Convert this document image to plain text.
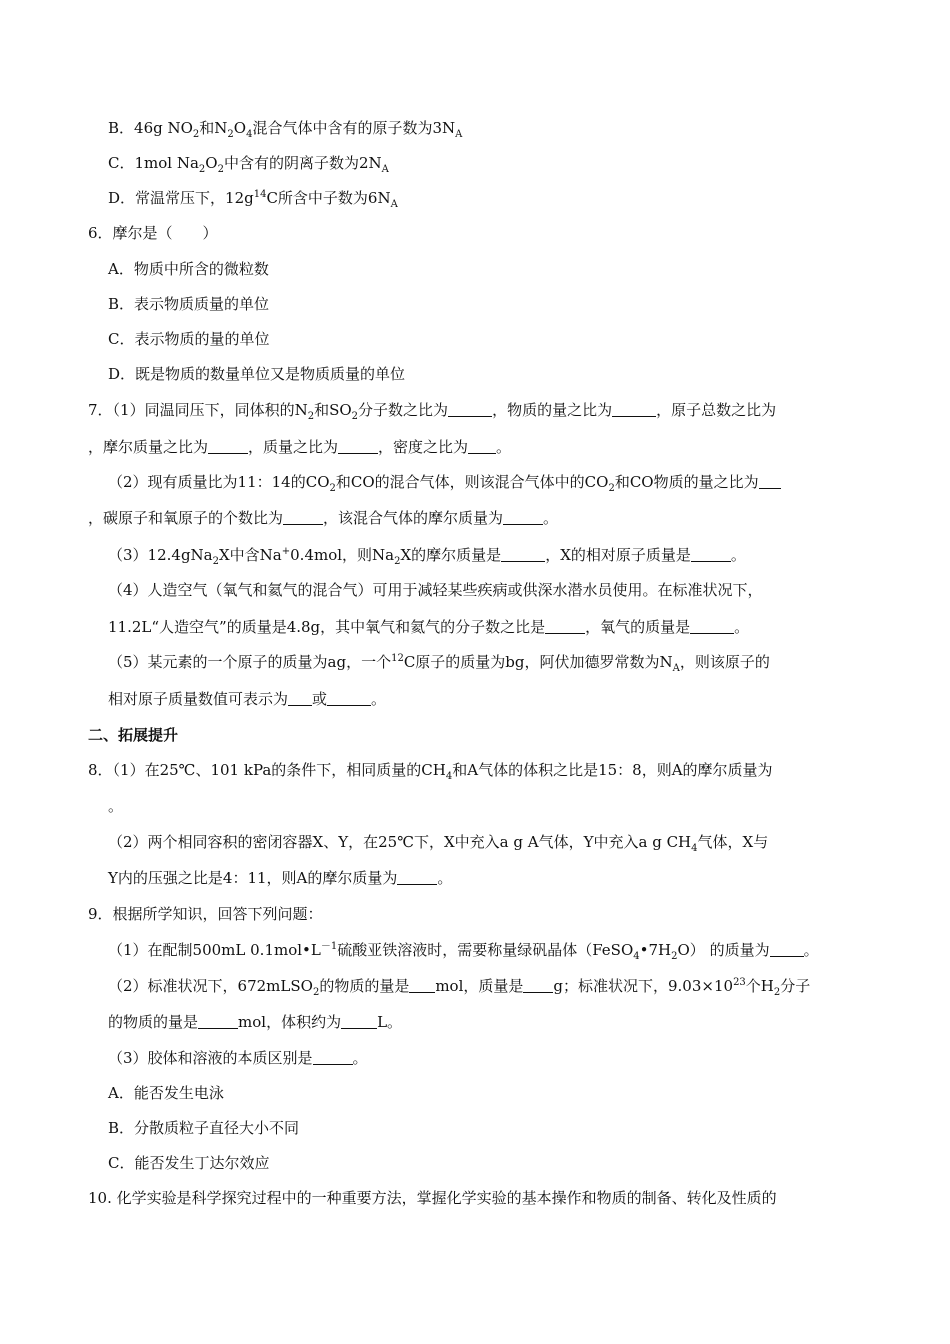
B．46g $NO_2$和$N_2O_4$混合气体中含有的原子数为$3N_A$
C．1mol $Na_2O_2$中含有的阴离子数为$2N_A$
D．常温常压下，$12g^{14}C$所含中子数为$6N_A$
6．摩尔是（　　）
A．物质中所含的微粒数
B．表示物质质量的单位
C．表示物质的量的单位
D．既是物质的数量单位又是物质质量的单位
7．（1）同温同压下，同体积的$N_2$和$SO_2$分子数之比为	，物质的量之比为	，原子总数之比为
，摩尔质量之比为	，质量之比为	，密度之比为 。
（2）现有质量比为11：14的$CO_2$和CO的混合气体，则该混合气体中的$CO_2$和CO物质的量之比为
，碳原子和氧原子的个数比为	，该混合气体的摩尔质量为	。
（3）12.4gNa$_2$X中含Na+0.4mol，则$Na_2X$的摩尔质量是	，X的相对原子质量是	。
（4）人造空气（氧气和氦气的混合气）可用于减轻某些疾病或供深水潜水员使用。在标准状况下，
11.2L“人造空气”的质量是4.8g，其中氧气和氦气的分子数之比是	，氧气的质量是	。
（5）某元素的一个原子的质量为ag，一个$^{12}$C原子的质量为bg，阿伏加德罗常数为$N_A$，则该原子的
相对原子质量数值可表示为 或	。
二、拓展提升
8．（1）在25℃、101 kPa的条件下，相同质量的$CH_4$和A气体的体积之比是15：8，则A的摩尔质量为
。
（2）两个相同容积的密闭容器X、Y，在25℃下，X中充入a g A气体，Y中充入a g $CH_4$气体，X与
Y内的压强之比是4：11，则A的摩尔质量为	。
9．根据所学知识，回答下列问题：
（1）在配制500mL $0.1mol•L^{-1}$硫酸亚铁溶液时，需要称量绿矾晶体$(FeSO_4•7H_2O)$ 的质量为 。
（2）标准状况下，672mLSO$_2$的物质的量是 mol，质量是 g；标准状况下，$9.03\times 10^{23}$个$H_2$分子
的物质的量是	mol，体积约为 L。
（3）胶体和溶液的本质区别是	。
A．能否发生电泳
B．分散质粒子直径大小不同
C．能否发生丁达尔效应
10. 化学实验是科学探究过程中的一种重要方法，掌握化学实验的基本操作和物质的制备、转化及性质的
